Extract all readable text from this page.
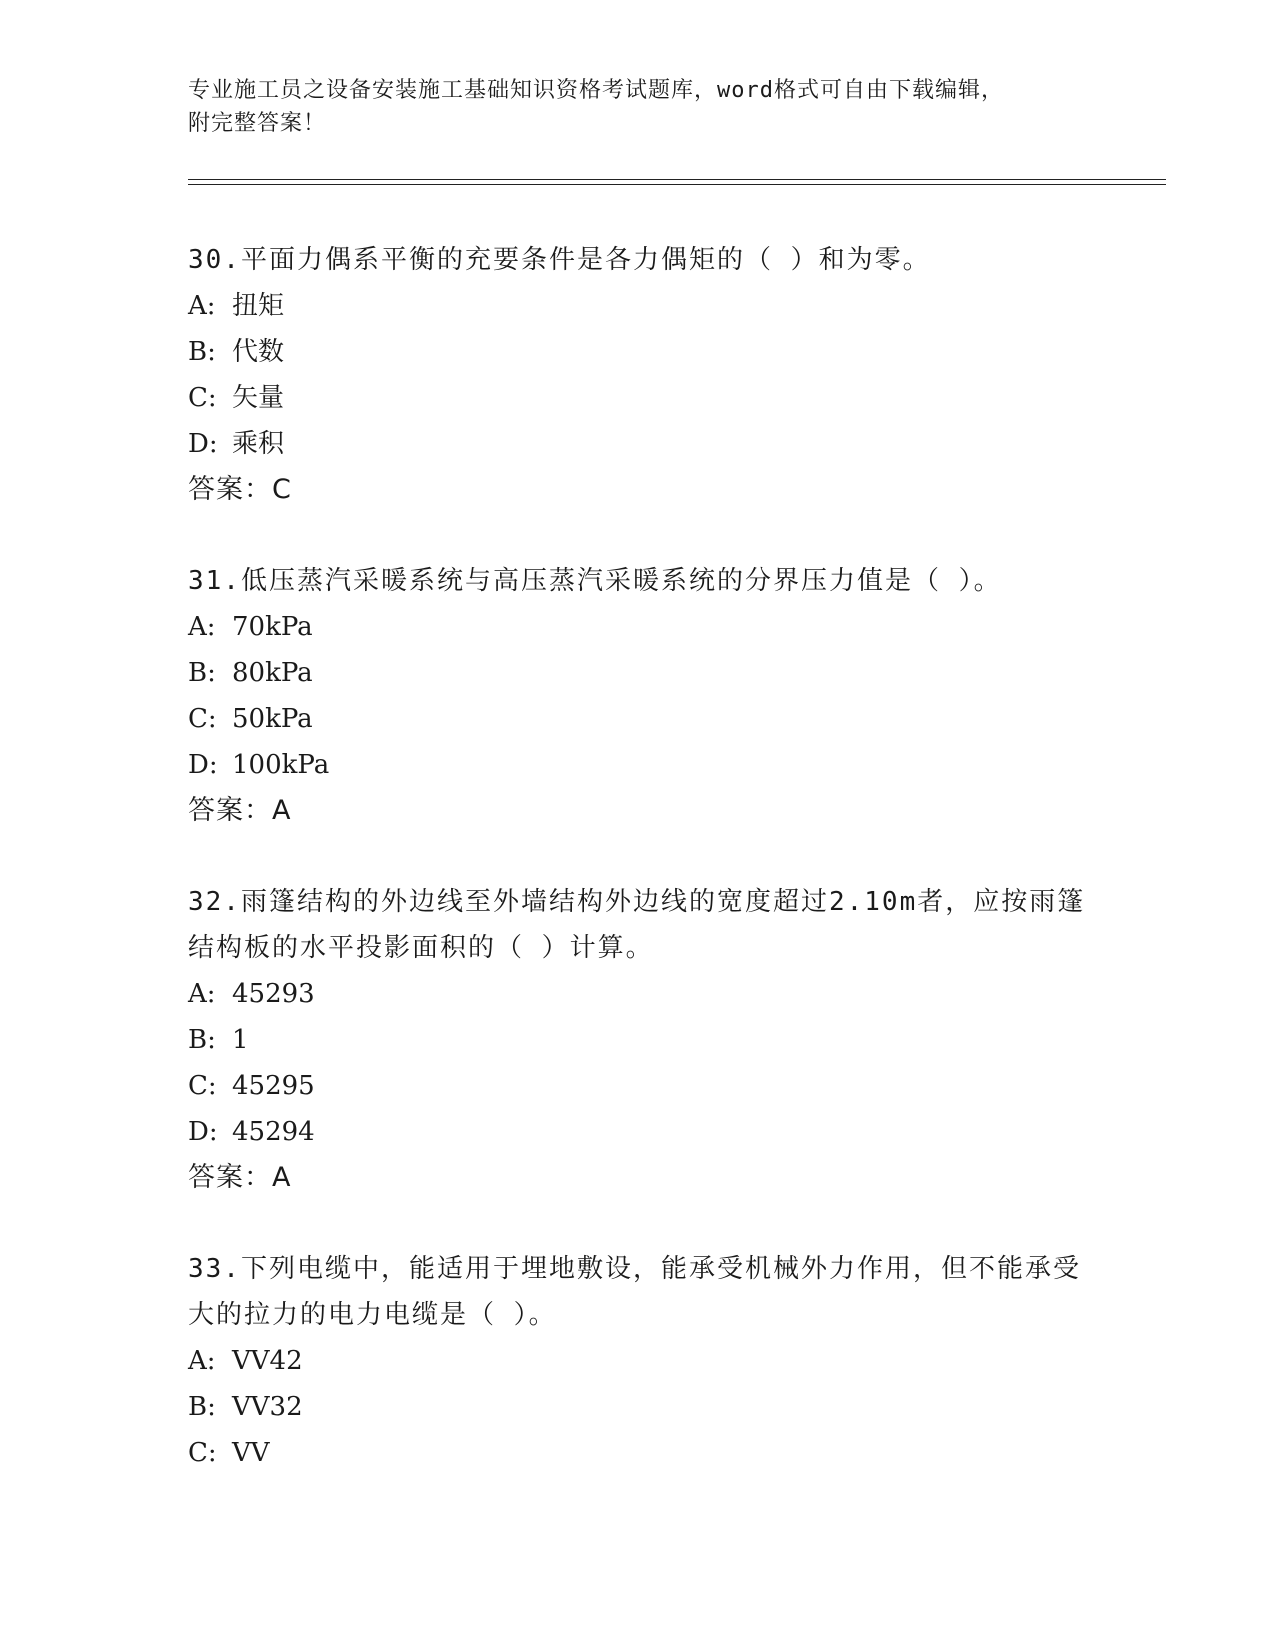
专业施工员之设备安装施工基础知识资格考试题库，word格式可自由下载编辑，
附完整答案！

30.平面力偶系平衡的充要条件是各力偶矩的（ ）和为零。

A: 扭矩
B: 代数
C: 矢量
D: 乘积
答案：C

31.低压蒸汽采暖系统与高压蒸汽采暖系统的分界压力值是（ ）。

A: 70kPa
B: 80kPa
C: 50kPa
D: 100kPa
答案：A

32.雨篷结构的外边线至外墙结构外边线的宽度超过2.10m者，应按雨篷结构板的水平投影面积的（ ）计算。

A: 45293
B: 1
C: 45295
D: 45294
答案：A

33.下列电缆中，能适用于埋地敷设，能承受机械外力作用，但不能承受大的拉力的电力电缆是（ ）。

A: VV42
B: VV32
C: VV
